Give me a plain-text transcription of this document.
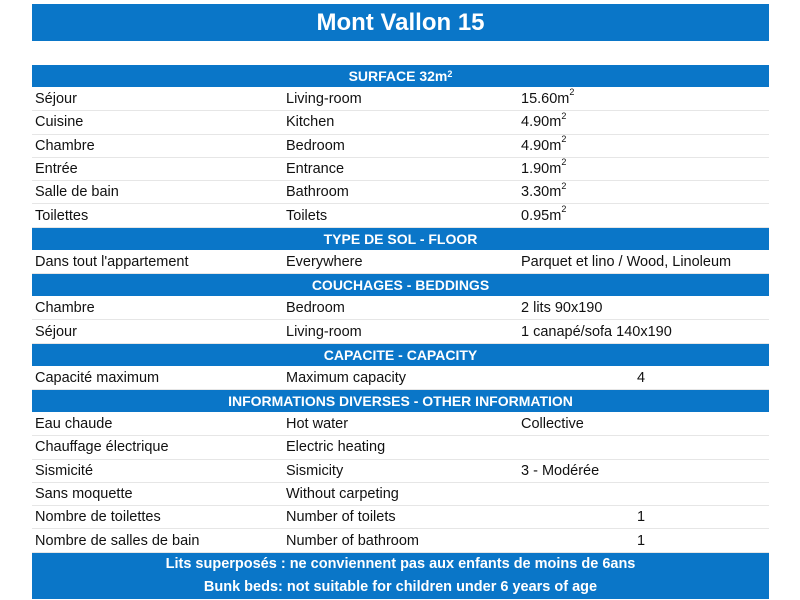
Mont Vallon 15
SURFACE $32m^2$
Séjour	Living-room	$15.60m^2$
Cuisine	Kitchen	$4.90m^2$
Chambre	Bedroom	$4.90m^2$
Entrée	Entrance	$1.90m^2$
Salle de bain	Bathroom	$3.30m^2$
Toilettes	Toilets	$0.95m^2$
TYPE DE SOL - FLOOR
Dans tout l'appartement	Everywhere	Parquet et lino / Wood, Linoleum
COUCHAGES - BEDDINGS
Chambre	Bedroom	2 lits 90x190
Séjour	Living-room	1 canapé/sofa 140x190
CAPACITE - CAPACITY
Capacité maximum	Maximum capacity	4
INFORMATIONS DIVERSES - OTHER INFORMATION
Eau chaude	Hot water	Collective
Chauffage électrique	Electric heating
Sismicité	Sismicity	3 - Modérée
Sans moquette	Without carpeting
Nombre de toilettes	Number of toilets	1
Nombre de salles de bain	Number of bathroom	1
Lits superposés : ne conviennent pas aux enfants de moins de 6ans
Bunk beds: not suitable for children under 6 years of age
